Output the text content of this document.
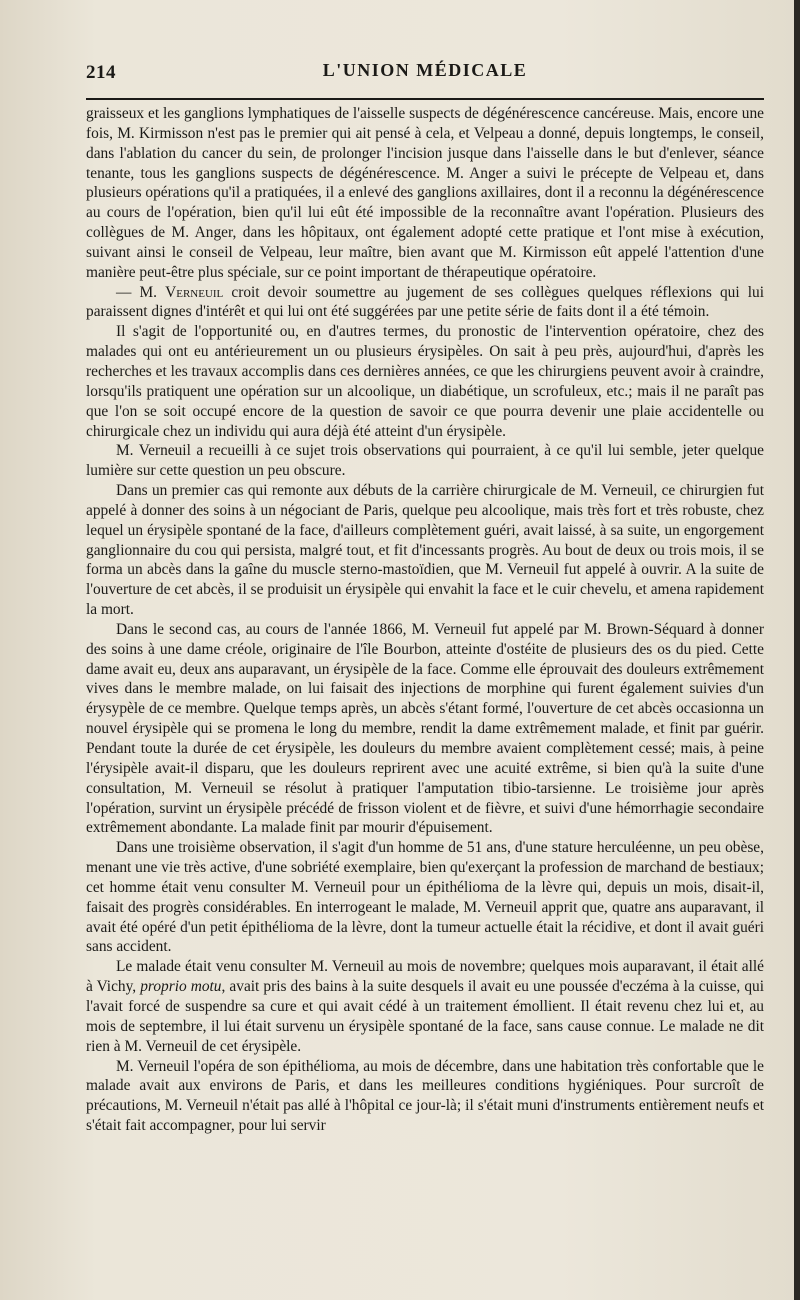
214	L'UNION MÉDICALE

graisseux et les ganglions lymphatiques de l'aisselle suspects de dégénérescence cancéreuse. Mais, encore une fois, M. Kirmisson n'est pas le premier qui ait pensé à cela, et Velpeau a donné, depuis longtemps, le conseil, dans l'ablation du cancer du sein, de prolonger l'incision jusque dans l'aisselle dans le but d'enlever, séance tenante, tous les ganglions suspects de dégénérescence. M. Anger a suivi le précepte de Velpeau et, dans plusieurs opérations qu'il a pratiquées, il a enlevé des ganglions axillaires, dont il a reconnu la dégénérescence au cours de l'opération, bien qu'il lui eût été impossible de la reconnaître avant l'opération. Plusieurs des collègues de M. Anger, dans les hôpitaux, ont également adopté cette pratique et l'ont mise à exécution, suivant ainsi le conseil de Velpeau, leur maître, bien avant que M. Kirmisson eût appelé l'attention d'une manière peut-être plus spéciale, sur ce point important de thérapeutique opératoire.

— M. Verneuil croit devoir soumettre au jugement de ses collègues quelques réflexions qui lui paraissent dignes d'intérêt et qui lui ont été suggérées par une petite série de faits dont il a été témoin.

Il s'agit de l'opportunité ou, en d'autres termes, du pronostic de l'intervention opératoire, chez des malades qui ont eu antérieurement un ou plusieurs érysipèles. On sait à peu près, aujourd'hui, d'après les recherches et les travaux accomplis dans ces dernières années, ce que les chirurgiens peuvent avoir à craindre, lorsqu'ils pratiquent une opération sur un alcoolique, un diabétique, un scrofuleux, etc.; mais il ne paraît pas que l'on se soit occupé encore de la question de savoir ce que pourra devenir une plaie accidentelle ou chirurgicale chez un individu qui aura déjà été atteint d'un érysipèle.

M. Verneuil a recueilli à ce sujet trois observations qui pourraient, à ce qu'il lui semble, jeter quelque lumière sur cette question un peu obscure.

Dans un premier cas qui remonte aux débuts de la carrière chirurgicale de M. Verneuil, ce chirurgien fut appelé à donner des soins à un négociant de Paris, quelque peu alcoolique, mais très fort et très robuste, chez lequel un érysipèle spontané de la face, d'ailleurs complètement guéri, avait laissé, à sa suite, un engorgement ganglionnaire du cou qui persista, malgré tout, et fit d'incessants progrès. Au bout de deux ou trois mois, il se forma un abcès dans la gaîne du muscle sterno-mastoïdien, que M. Verneuil fut appelé à ouvrir. A la suite de l'ouverture de cet abcès, il se produisit un érysipèle qui envahit la face et le cuir chevelu, et amena rapidement la mort.

Dans le second cas, au cours de l'année 1866, M. Verneuil fut appelé par M. Brown-Séquard à donner des soins à une dame créole, originaire de l'île Bourbon, atteinte d'ostéite de plusieurs des os du pied. Cette dame avait eu, deux ans auparavant, un érysipèle de la face. Comme elle éprouvait des douleurs extrêmement vives dans le membre malade, on lui faisait des injections de morphine qui furent également suivies d'un érysypèle de ce membre. Quelque temps après, un abcès s'étant formé, l'ouverture de cet abcès occasionna un nouvel érysipèle qui se promena le long du membre, rendit la dame extrêmement malade, et finit par guérir. Pendant toute la durée de cet érysipèle, les douleurs du membre avaient complètement cessé; mais, à peine l'érysipèle avait-il disparu, que les douleurs reprirent avec une acuité extrême, si bien qu'à la suite d'une consultation, M. Verneuil se résolut à pratiquer l'amputation tibio-tarsienne. Le troisième jour après l'opération, survint un érysipèle précédé de frisson violent et de fièvre, et suivi d'une hémorrhagie secondaire extrêmement abondante. La malade finit par mourir d'épuisement.

Dans une troisième observation, il s'agit d'un homme de 51 ans, d'une stature herculéenne, un peu obèse, menant une vie très active, d'une sobriété exemplaire, bien qu'exerçant la profession de marchand de bestiaux; cet homme était venu consulter M. Verneuil pour un épithélioma de la lèvre qui, depuis un mois, disait-il, faisait des progrès considérables. En interrogeant le malade, M. Verneuil apprit que, quatre ans auparavant, il avait été opéré d'un petit épithélioma de la lèvre, dont la tumeur actuelle était la récidive, et dont il avait guéri sans accident.

Le malade était venu consulter M. Verneuil au mois de novembre; quelques mois auparavant, il était allé à Vichy, proprio motu, avait pris des bains à la suite desquels il avait eu une poussée d'eczéma à la cuisse, qui l'avait forcé de suspendre sa cure et qui avait cédé à un traitement émollient. Il était revenu chez lui et, au mois de septembre, il lui était survenu un érysipèle spontané de la face, sans cause connue. Le malade ne dit rien à M. Verneuil de cet érysipèle.

M. Verneuil l'opéra de son épithélioma, au mois de décembre, dans une habitation très confortable que le malade avait aux environs de Paris, et dans les meilleures conditions hygiéniques. Pour surcroît de précautions, M. Verneuil n'était pas allé à l'hôpital ce jour-là; il s'était muni d'instruments entièrement neufs et s'était fait accompagner, pour lui servir
